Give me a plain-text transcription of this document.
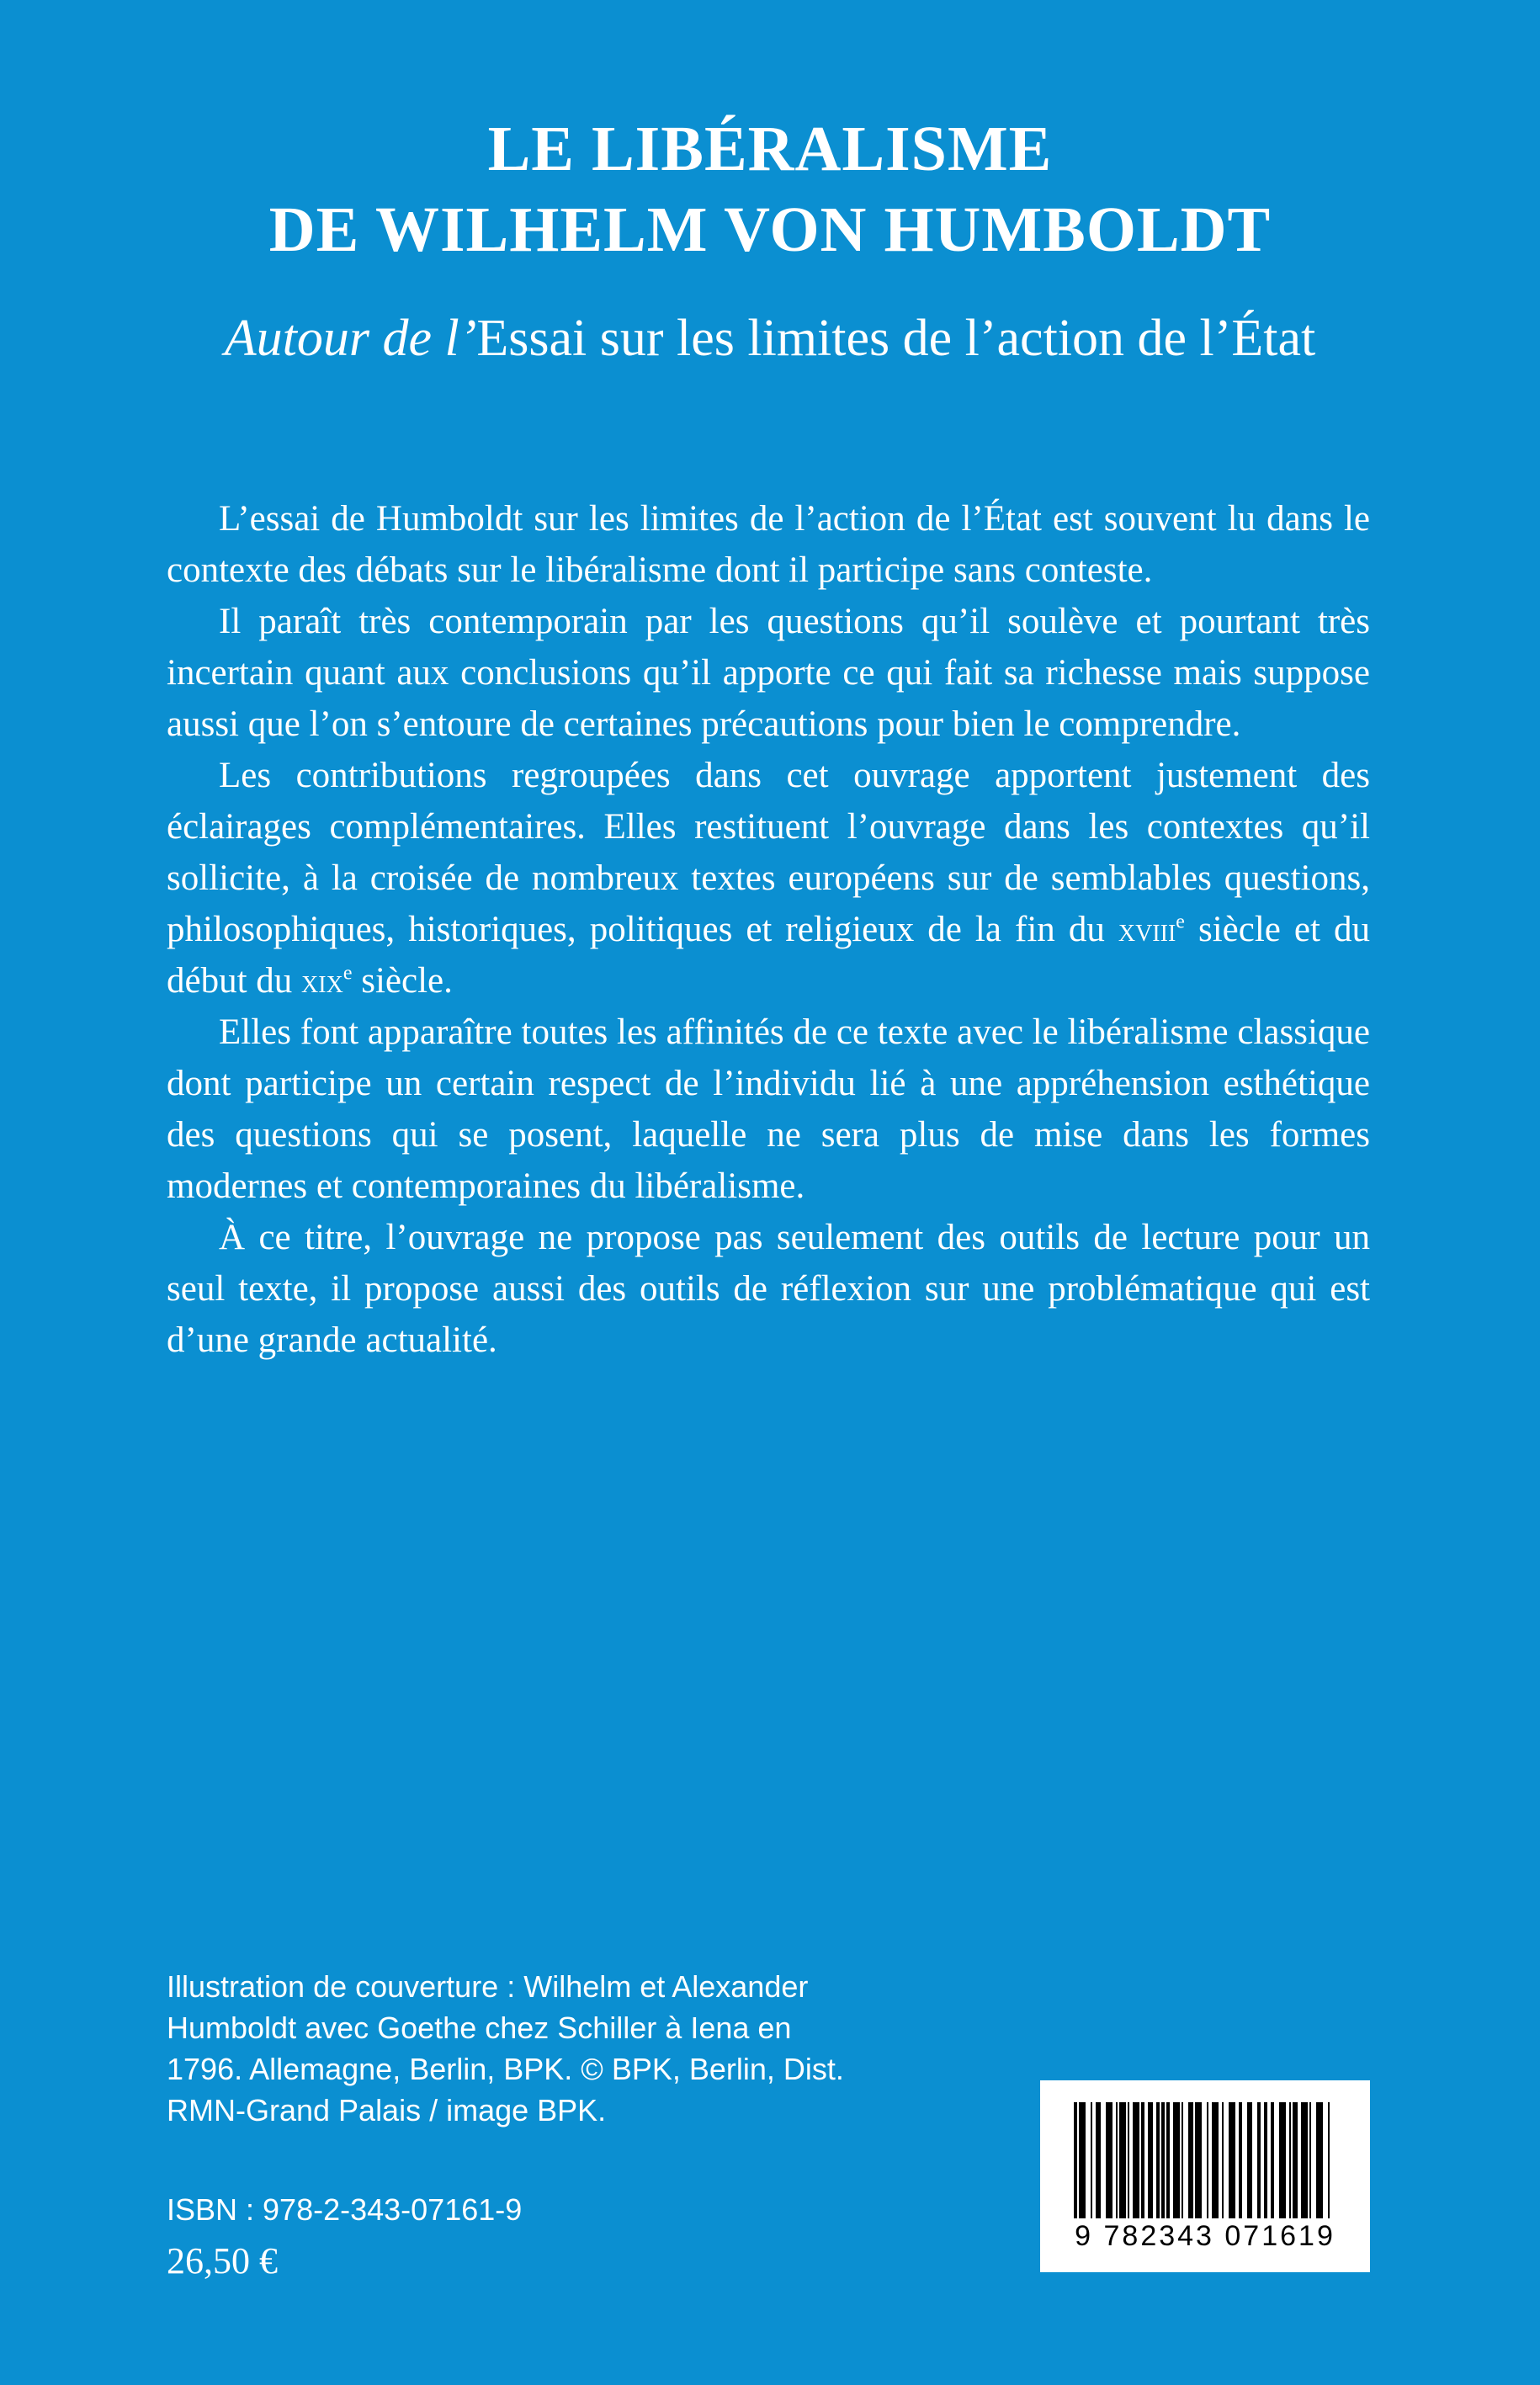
LE LIBÉRALISME
DE WILHELM VON HUMBOLDT

Autour de l’Essai sur les limites de l’action de l’État

L’essai de Humboldt sur les limites de l’action de l’État est souvent lu dans le contexte des débats sur le libéralisme dont il participe sans conteste.

Il paraît très contemporain par les questions qu’il soulève et pourtant très incertain quant aux conclusions qu’il apporte ce qui fait sa richesse mais suppose aussi que l’on s’entoure de certaines précautions pour bien le comprendre.

Les contributions regroupées dans cet ouvrage apportent justement des éclairages complémentaires. Elles restituent l’ouvrage dans les contextes qu’il sollicite, à la croisée de nombreux textes européens sur de semblables questions, philosophiques, historiques, politiques et religieux de la fin du xviii$^e$ siècle et du début du xix$^e$ siècle.

Elles font apparaître toutes les affinités de ce texte avec le libéralisme classique dont participe un certain respect de l’individu lié à une appréhension esthétique des questions qui se posent, laquelle ne sera plus de mise dans les formes modernes et contemporaines du libéralisme.

À ce titre, l’ouvrage ne propose pas seulement des outils de lecture pour un seul texte, il propose aussi des outils de réflexion sur une problématique qui est d’une grande actualité.

Illustration de couverture : Wilhelm et Alexander Humboldt avec Goethe chez Schiller à Iena en 1796. Allemagne, Berlin, BPK. © BPK, Berlin, Dist. RMN-Grand Palais / image BPK.

ISBN : 978-2-343-07161-9

26,50 €

9 782343 071619
